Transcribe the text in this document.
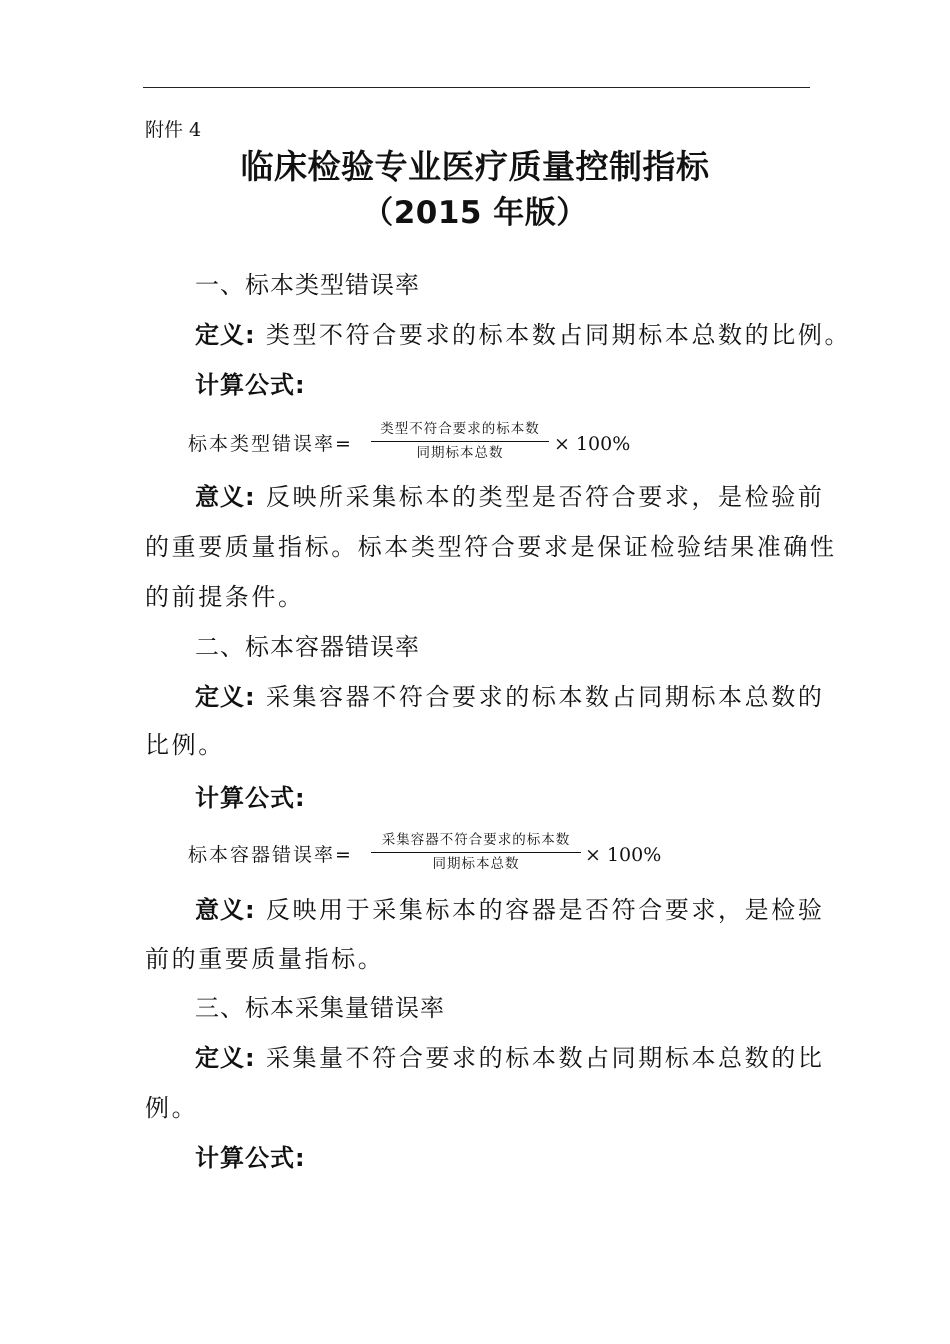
附件 4
临床检验专业医疗质量控制指标
（2015 年版）
一、标本类型错误率
定义: 类型不符合要求的标本数占同期标本总数的比例。
计算公式:
标本类型错误率=
类型不符合要求的标本数
同期标本总数	× 100%
意义: 反映所采集标本的类型是否符合要求，是检验前
的重要质量指标。标本类型符合要求是保证检验结果准确性
的前提条件。
二、标本容器错误率
定义: 采集容器不符合要求的标本数占同期标本总数的
比例。
计算公式:
标本容器错误率=
采集容器不符合要求的标本数
同期标本总数	× 100%
意义: 反映用于采集标本的容器是否符合要求，是检验
前的重要质量指标。
三、标本采集量错误率
定义: 采集量不符合要求的标本数占同期标本总数的比
例。
计算公式:
